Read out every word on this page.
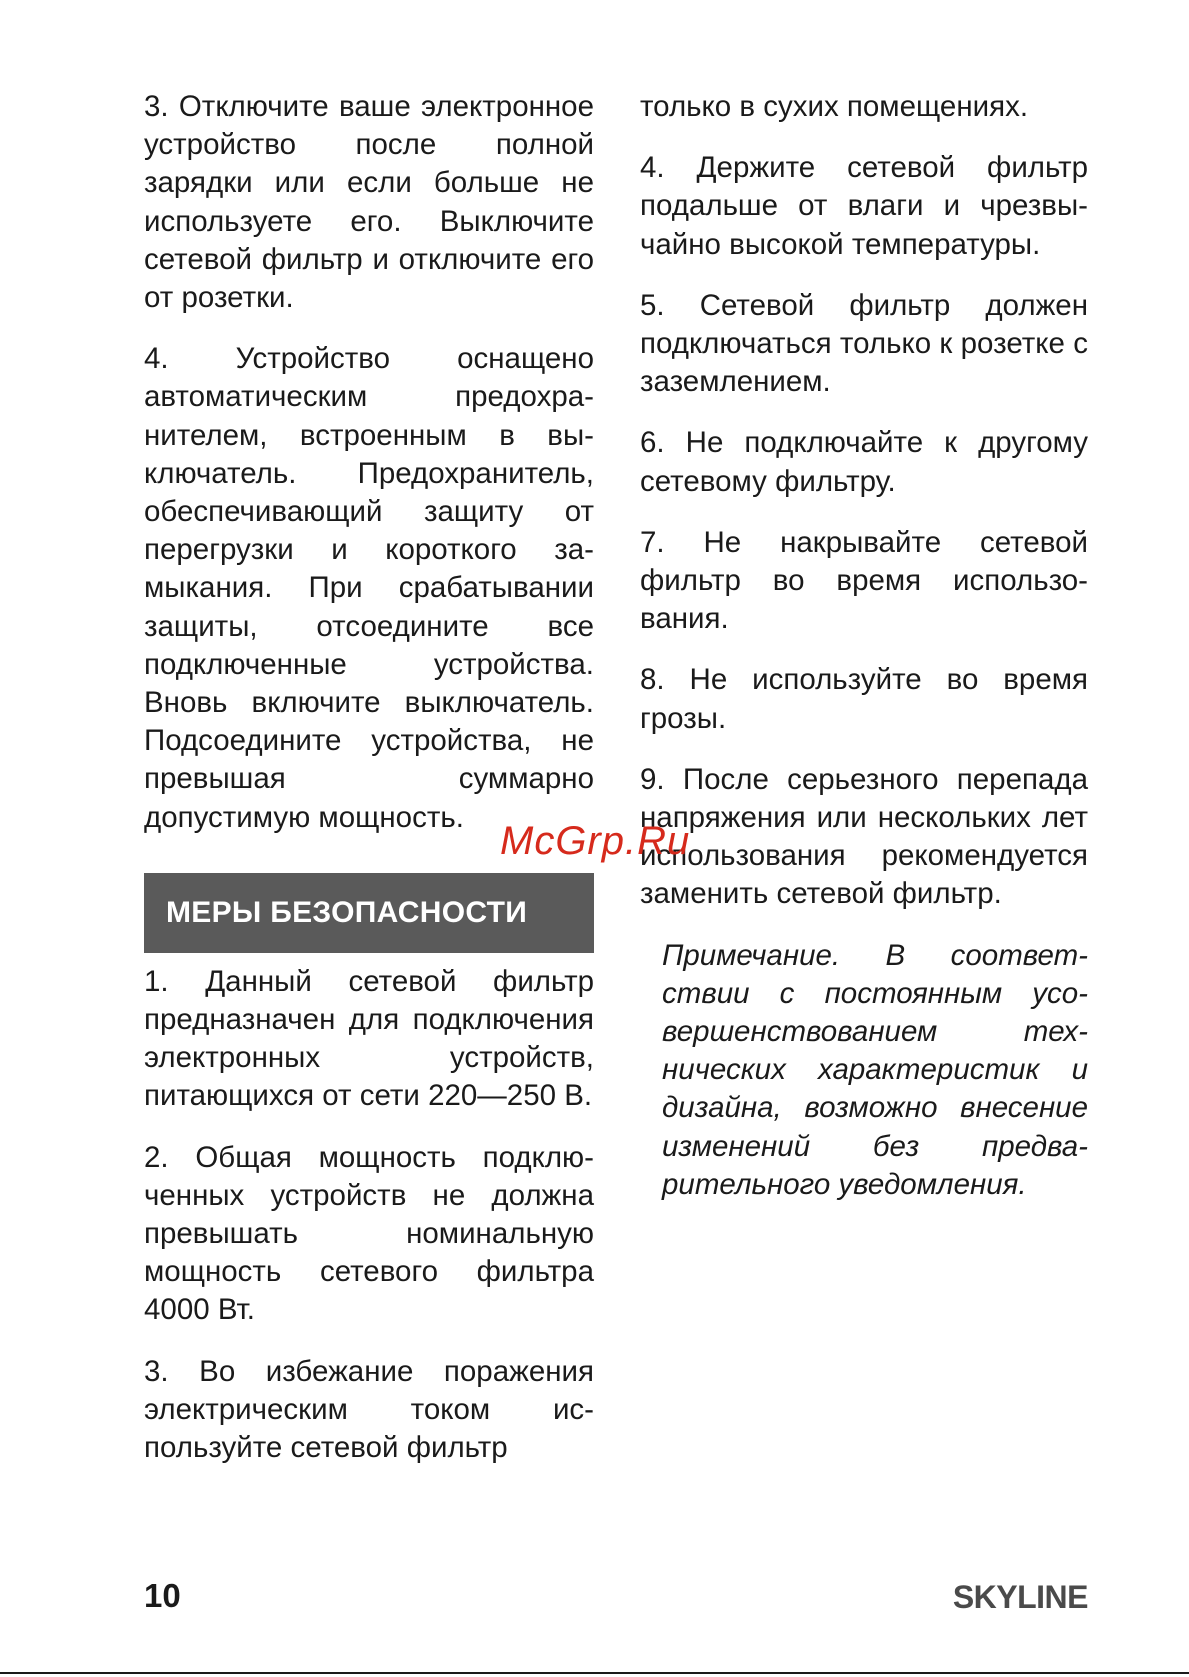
3. Отключите ваше электронное устройство после полной зарядки или если больше не используете его. Выключите сетевой фильтр и отключите его от розетки.

4. Устройство оснащено автоматическим предохранителем, встроенным в выключатель. Предохранитель, обеспечивающий защиту от перегрузки и короткого замыкания. При срабатывании защиты, отсоедините все подключенные устройства. Вновь включите выключатель. Подсоедините устройства, не превышая суммарно допустимую мощность.

МЕРЫ БЕЗОПАСНОСТИ

1. Данный сетевой фильтр предназначен для подключения электронных устройств, питающихся от сети 220—250 В.

2. Общая мощность подключенных устройств не должна превышать номинальную мощность сетевого фильтра 4000 Вт.

3. Во избежание поражения электрическим током используйте сетевой фильтр

только в сухих помещениях.

4. Держите сетевой фильтр подальше от влаги и чрезвычайно высокой температуры.

5. Сетевой фильтр должен подключаться только к розетке с заземлением.

6. Не подключайте к другому сетевому фильтру.

7. Не накрывайте сетевой фильтр во время использования.

8. Не используйте во время грозы.

9. После серьезного перепада напряжения или нескольких лет использования рекомендуется заменить сетевой фильтр.

Примечание. В соответствии с постоянным усовершенствованием технических характеристик и дизайна, возможно внесение изменений без предварительного уведомления.

McGrp.Ru
10	SKYLINE
